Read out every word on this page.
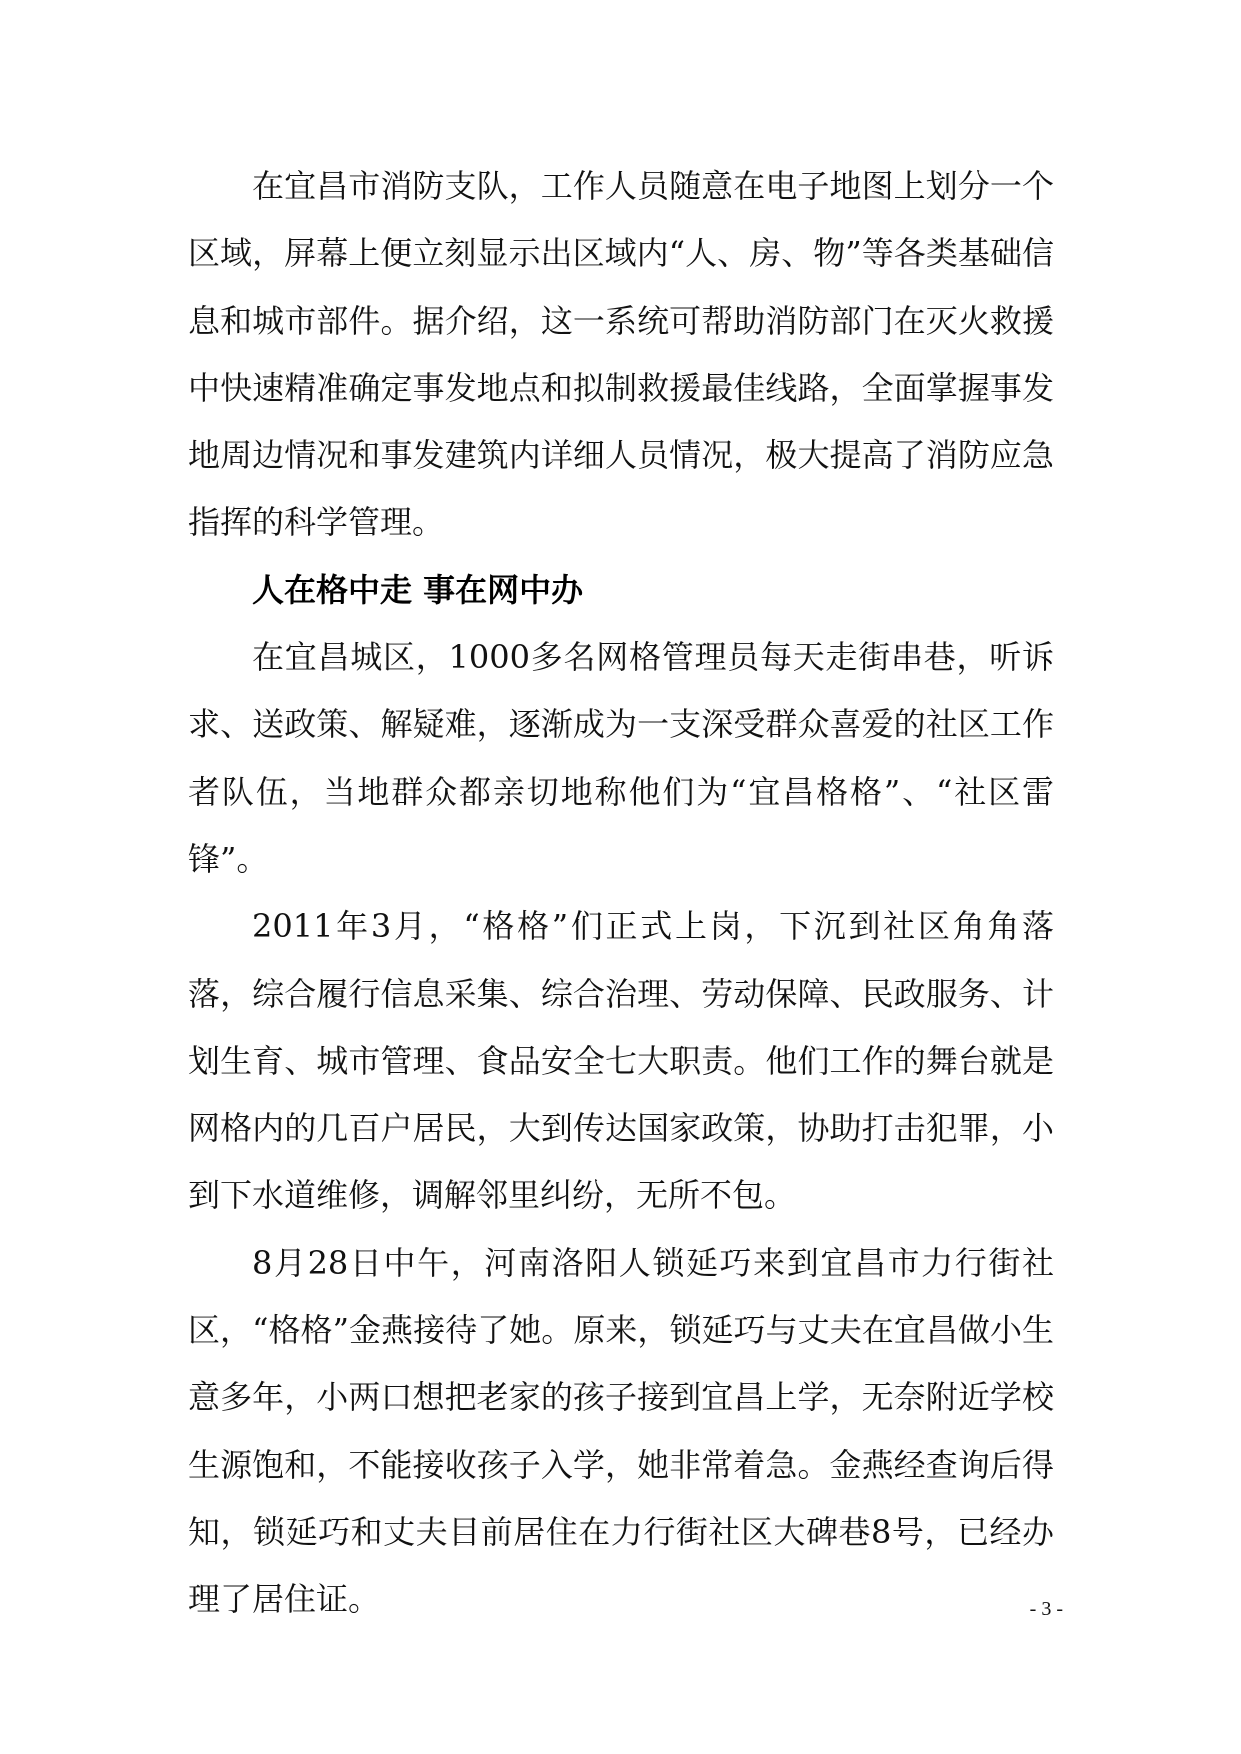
在宜昌市消防支队，工作人员随意在电子地图上划分一个区域，屏幕上便立刻显示出区域内“人、房、物”等各类基础信息和城市部件。据介绍，这一系统可帮助消防部门在灭火救援中快速精准确定事发地点和拟制救援最佳线路，全面掌握事发地周边情况和事发建筑内详细人员情况，极大提高了消防应急指挥的科学管理。

人在格中走 事在网中办

在宜昌城区，1000多名网格管理员每天走街串巷，听诉求、送政策、解疑难，逐渐成为一支深受群众喜爱的社区工作者队伍，当地群众都亲切地称他们为“宜昌格格”、“社区雷锋”。

2011年3月，“格格”们正式上岗，下沉到社区角角落落，综合履行信息采集、综合治理、劳动保障、民政服务、计划生育、城市管理、食品安全七大职责。他们工作的舞台就是网格内的几百户居民，大到传达国家政策，协助打击犯罪，小到下水道维修，调解邻里纠纷，无所不包。

8月28日中午，河南洛阳人锁延巧来到宜昌市力行街社区，“格格”金燕接待了她。原来，锁延巧与丈夫在宜昌做小生意多年，小两口想把老家的孩子接到宜昌上学，无奈附近学校生源饱和，不能接收孩子入学，她非常着急。金燕经查询后得知，锁延巧和丈夫目前居住在力行街社区大碑巷8号，已经办理了居住证。	- 3 -
